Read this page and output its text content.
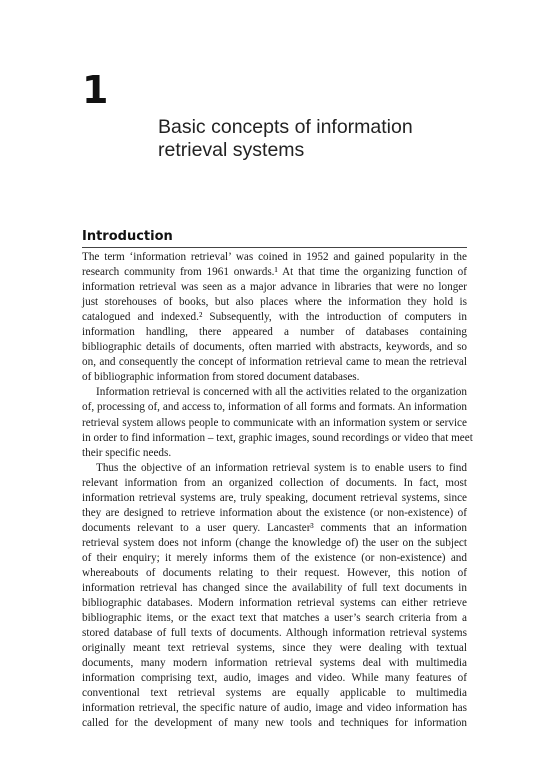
1
Basic concepts of information
retrieval systems
Introduction
The term ‘information retrieval’ was coined in 1952 and gained popularity in the
research community from 1961 onwards.¹ At that time the organizing function of
information retrieval was seen as a major advance in libraries that were no longer
just storehouses of books, but also places where the information they hold is
catalogued and indexed.² Subsequently, with the introduction of computers in
information handling, there appeared a number of databases containing
bibliographic details of documents, often married with abstracts, keywords, and so
on, and consequently the concept of information retrieval came to mean the retrieval
of bibliographic information from stored document databases.
Information retrieval is concerned with all the activities related to the organization
of, processing of, and access to, information of all forms and formats. An information
retrieval system allows people to communicate with an information system or service
in order to find information – text, graphic images, sound recordings or video that meet
their specific needs.
Thus the objective of an information retrieval system is to enable users to find
relevant information from an organized collection of documents. In fact, most
information retrieval systems are, truly speaking, document retrieval systems, since
they are designed to retrieve information about the existence (or non-existence) of
documents relevant to a user query. Lancaster³ comments that an information
retrieval system does not inform (change the knowledge of) the user on the subject
of their enquiry; it merely informs them of the existence (or non-existence) and
whereabouts of documents relating to their request. However, this notion of
information retrieval has changed since the availability of full text documents in
bibliographic databases. Modern information retrieval systems can either retrieve
bibliographic items, or the exact text that matches a user’s search criteria from a
stored database of full texts of documents. Although information retrieval systems
originally meant text retrieval systems, since they were dealing with textual
documents, many modern information retrieval systems deal with multimedia
information comprising text, audio, images and video. While many features of
conventional text retrieval systems are equally applicable to multimedia
information retrieval, the specific nature of audio, image and video information has
called for the development of many new tools and techniques for information
